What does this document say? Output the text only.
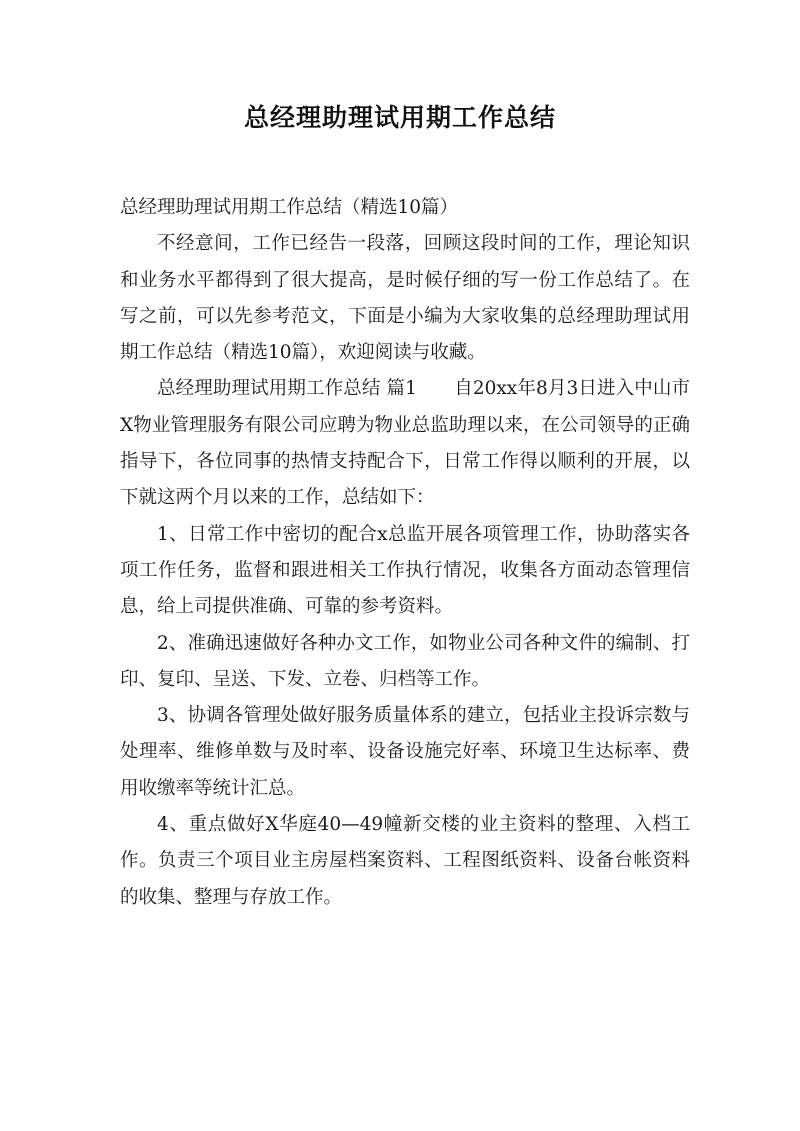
总经理助理试用期工作总结

总经理助理试用期工作总结（精选10篇）

不经意间，工作已经告一段落，回顾这段时间的工作，理论知识和业务水平都得到了很大提高，是时候仔细的写一份工作总结了。在写之前，可以先参考范文，下面是小编为大家收集的总经理助理试用期工作总结（精选10篇），欢迎阅读与收藏。

总经理助理试用期工作总结 篇1　　自20xx年8月3日进入中山市X物业管理服务有限公司应聘为物业总监助理以来，在公司领导的正确指导下，各位同事的热情支持配合下，日常工作得以顺利的开展，以下就这两个月以来的工作，总结如下：

1、日常工作中密切的配合x总监开展各项管理工作，协助落实各项工作任务，监督和跟进相关工作执行情况，收集各方面动态管理信息，给上司提供准确、可靠的参考资料。

2、准确迅速做好各种办文工作，如物业公司各种文件的编制、打印、复印、呈送、下发、立卷、归档等工作。

3、协调各管理处做好服务质量体系的建立，包括业主投诉宗数与处理率、维修单数与及时率、设备设施完好率、环境卫生达标率、费用收缴率等统计汇总。

4、重点做好X华庭40—49幢新交楼的业主资料的整理、入档工作。负责三个项目业主房屋档案资料、工程图纸资料、设备台帐资料的收集、整理与存放工作。
